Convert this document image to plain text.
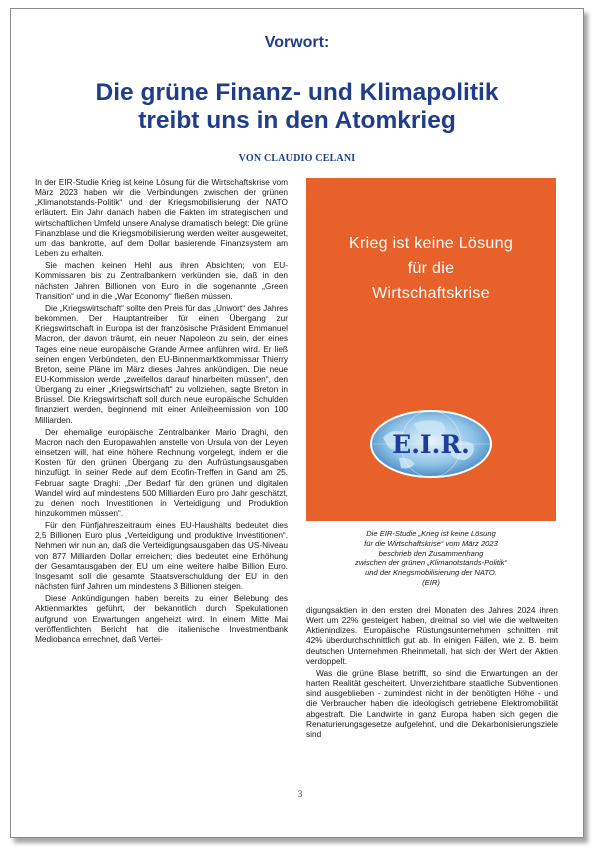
Vorwort:
Die grüne Finanz- und Klimapolitik
treibt uns in den Atomkrieg
VON CLAUDIO CELANI

In der EIR-Studie Krieg ist keine Lösung für die Wirtschaftskrise vom März 2023 haben wir die Verbindungen zwischen der grünen „Klimanotstands-Politik“ und der Kriegsmobilisierung der NATO erläutert. Ein Jahr danach haben die Fakten im strategischen und wirtschaftlichen Umfeld unsere Analyse dramatisch belegt: Die grüne Finanzblase und die Kriegsmobilisierung werden weiter ausgeweitet, um das bankrotte, auf dem Dollar basierende Finanzsystem am Leben zu erhalten.

Sie machen keinen Hehl aus ihren Absichten; von EU-Kommissaren bis zu Zentralbankern verkünden sie, daß in den nächsten Jahren Billionen von Euro in die sogenannte „Green Transition“ und in die „War Economy“ fließen müssen.

Die „Kriegswirtschaft“ sollte den Preis für das „Unwort“ des Jahres bekommen. Der Hauptantreiber für einen Übergang zur Kriegswirtschaft in Europa ist der französische Präsident Emmanuel Macron, der davon träumt, ein neuer Napoleon zu sein, der eines Tages eine neue europäische Grande Armee anführen wird. Er ließ seinen engen Verbündeten, den EU-Binnenmarktkommissar Thierry Breton, seine Pläne im März dieses Jahres ankündigen. Die neue EU-Kommission werde „zweifellos darauf hinarbeiten müssen“, den Übergang zu einer „Kriegswirtschaft“ zu vollziehen, sagte Breton in Brüssel. Die Kriegswirtschaft soll durch neue europäische Schulden finanziert werden, beginnend mit einer Anleiheemission von 100 Milliarden.

Der ehemalige europäische Zentralbanker Mario Draghi, den Macron nach den Europawahlen anstelle von Ursula von der Leyen einsetzen will, hat eine höhere Rechnung vorgelegt, indem er die Kosten für den grünen Übergang zu den Aufrüstungsausgaben hinzufügt. In seiner Rede auf dem Ecofin-Treffen in Gand am 25. Februar sagte Draghi: „Der Bedarf für den grünen und digitalen Wandel wird auf mindestens 500 Milliarden Euro pro Jahr geschätzt, zu denen noch Investitionen in Verteidigung und Produktion hinzukommen müssen“.

Für den Fünfjahreszeitraum eines EU-Haushalts bedeutet dies 2,5 Billionen Euro plus „Verteidigung und produktive Investitionen“. Nehmen wir nun an, daß die Verteidigungsausgaben das US-Niveau von 877 Milliarden Dollar erreichen; dies bedeutet eine Erhöhung der Gesamtausgaben der EU um eine weitere halbe Billion Euro. Insgesamt soll die gesamte Staatsverschuldung der EU in den nächsten fünf Jahren um mindestens 3 Billionen steigen.

Diese Ankündigungen haben bereits zu einer Belebung des Aktienmarktes geführt, der bekanntlich durch Spekulationen aufgrund von Erwartungen angeheizt wird. In einem Mitte Mai veröffentlichten Bericht hat die italienische Investmentbank Mediobanca errechnet, daß Vertei-

Krieg ist keine Lösung
für die
Wirtschaftskrise
E.I.R.
Die EIR-Studie „Krieg ist keine Lösung
für die Wirtschaftskrise“ vom März 2023
beschrieb den Zusammenhang
zwischen der grünen „Klimanotstands-Politik“
und der Kriegsmobilisierung der NATO.
(EIR)

digungsaktien in den ersten drei Monaten des Jahres 2024 ihren Wert um 22% gesteigert haben, dreimal so viel wie die weltweiten Aktienindizes. Europäische Rüstungsunternehmen schnitten mit 42% überdurchschnittlich gut ab. In einigen Fällen, wie z. B. beim deutschen Unternehmen Rheinmetall, hat sich der Wert der Aktien verdoppelt.

Was die grüne Blase betrifft, so sind die Erwartungen an der harten Realität gescheitert. Unverzichtbare staatliche Subventionen sind ausgeblieben - zumindest nicht in der benötigten Höhe - und die Verbraucher haben die ideologisch getriebene Elektromobilität abgestraft. Die Landwirte in ganz Europa haben sich gegen die Renaturierungsgesetze aufgelehnt, und die Dekarbonisierungsziele sind

3
